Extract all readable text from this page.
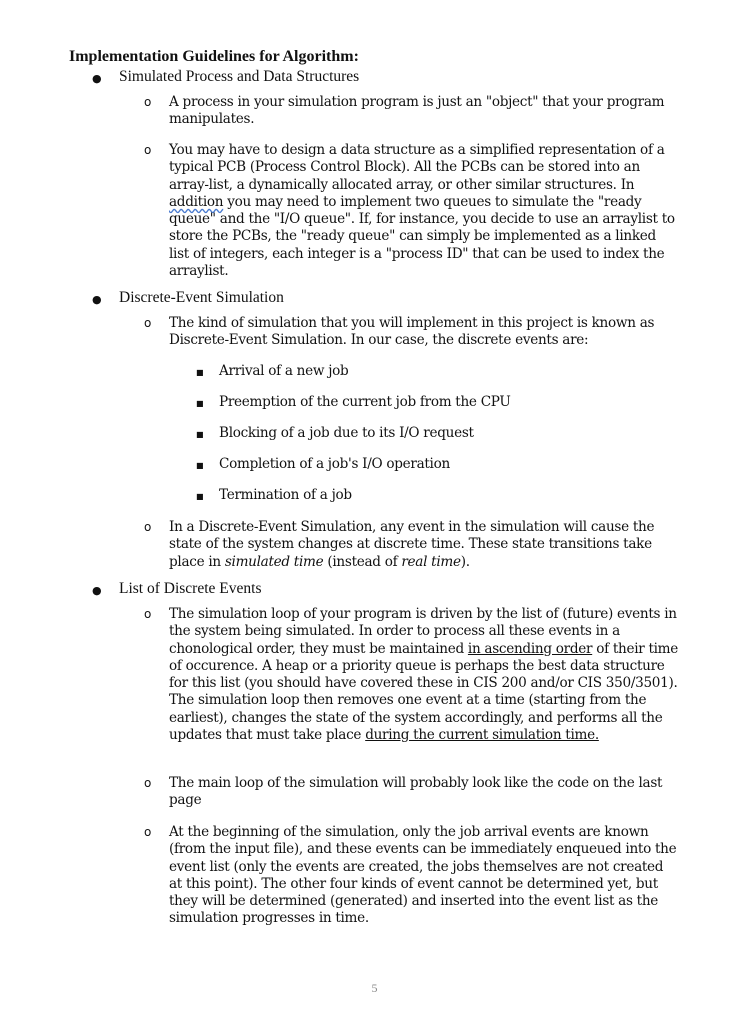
Implementation Guidelines for Algorithm:
● Simulated Process and Data Structures
o A process in your simulation program is just an "object" that your program manipulates.
o You may have to design a data structure as a simplified representation of a typical PCB (Process Control Block). All the PCBs can be stored into an array-list, a dynamically allocated array, or other similar structures. In addition you may need to implement two queues to simulate the "ready queue" and the "I/O queue". If, for instance, you decide to use an arraylist to store the PCBs, the "ready queue" can simply be implemented as a linked list of integers, each integer is a "process ID" that can be used to index the arraylist.
● Discrete-Event Simulation
o The kind of simulation that you will implement in this project is known as Discrete-Event Simulation. In our case, the discrete events are:
■ Arrival of a new job
■ Preemption of the current job from the CPU
■ Blocking of a job due to its I/O request
■ Completion of a job's I/O operation
■ Termination of a job
o In a Discrete-Event Simulation, any event in the simulation will cause the state of the system changes at discrete time. These state transitions take place in simulated time (instead of real time).
● List of Discrete Events
o The simulation loop of your program is driven by the list of (future) events in the system being simulated. In order to process all these events in a chonological order, they must be maintained in ascending order of their time of occurence. A heap or a priority queue is perhaps the best data structure for this list (you should have covered these in CIS 200 and/or CIS 350/3501). The simulation loop then removes one event at a time (starting from the earliest), changes the state of the system accordingly, and performs all the updates that must take place during the current simulation time.
o The main loop of the simulation will probably look like the code on the last page
o At the beginning of the simulation, only the job arrival events are known (from the input file), and these events can be immediately enqueued into the event list (only the events are created, the jobs themselves are not created at this point). The other four kinds of event cannot be determined yet, but they will be determined (generated) and inserted into the event list as the simulation progresses in time.
5
